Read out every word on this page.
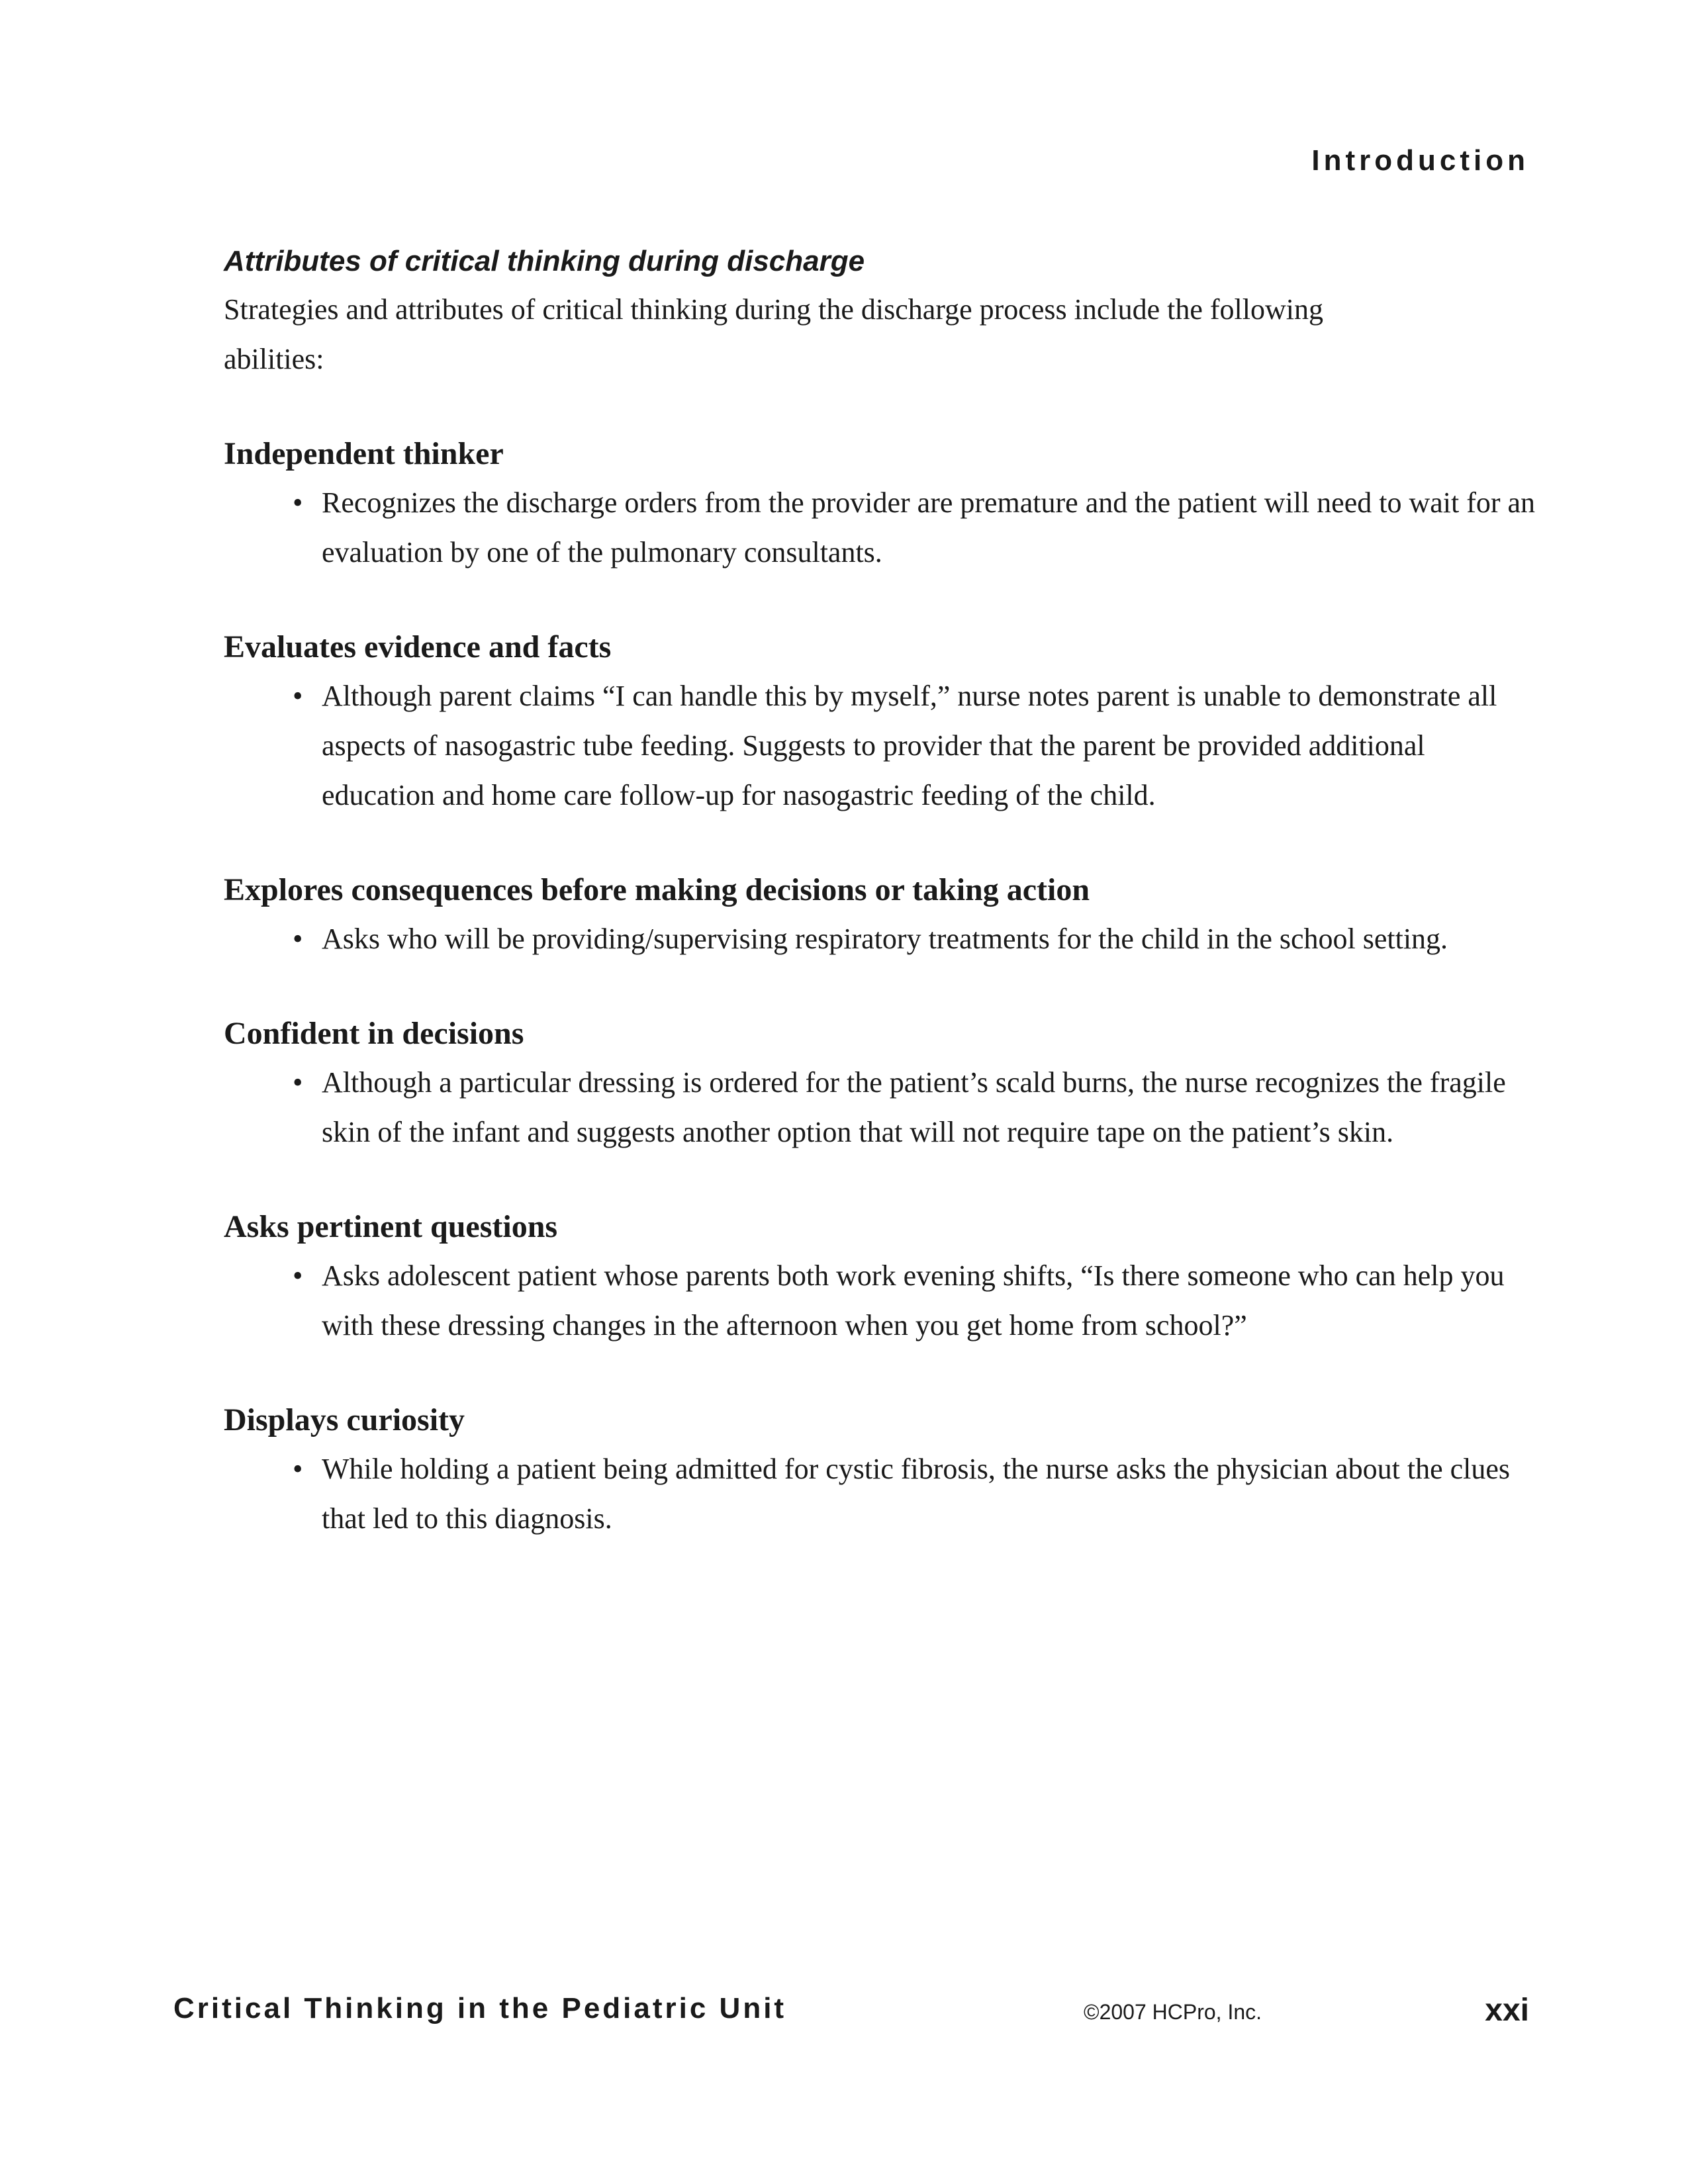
Introduction
Attributes of critical thinking during discharge

Strategies and attributes of critical thinking during the discharge process include the following abilities:

Independent thinker

• Recognizes the discharge orders from the provider are premature and the patient will need to wait for an evaluation by one of the pulmonary consultants.

Evaluates evidence and facts

• Although parent claims “I can handle this by myself,” nurse notes parent is unable to demonstrate all aspects of nasogastric tube feeding. Suggests to provider that the parent be provided additional education and home care follow-up for nasogastric feeding of the child.

Explores consequences before making decisions or taking action

• Asks who will be providing/supervising respiratory treatments for the child in the school setting.

Confident in decisions

• Although a particular dressing is ordered for the patient’s scald burns, the nurse recognizes the fragile skin of the infant and suggests another option that will not require tape on the patient’s skin.

Asks pertinent questions

• Asks adolescent patient whose parents both work evening shifts, “Is there someone who can help you with these dressing changes in the afternoon when you get home from school?”

Displays curiosity

• While holding a patient being admitted for cystic fibrosis, the nurse asks the physician about the clues that led to this diagnosis.

Critical Thinking in the Pediatric Unit	©2007 HCPro, Inc.	xxi
